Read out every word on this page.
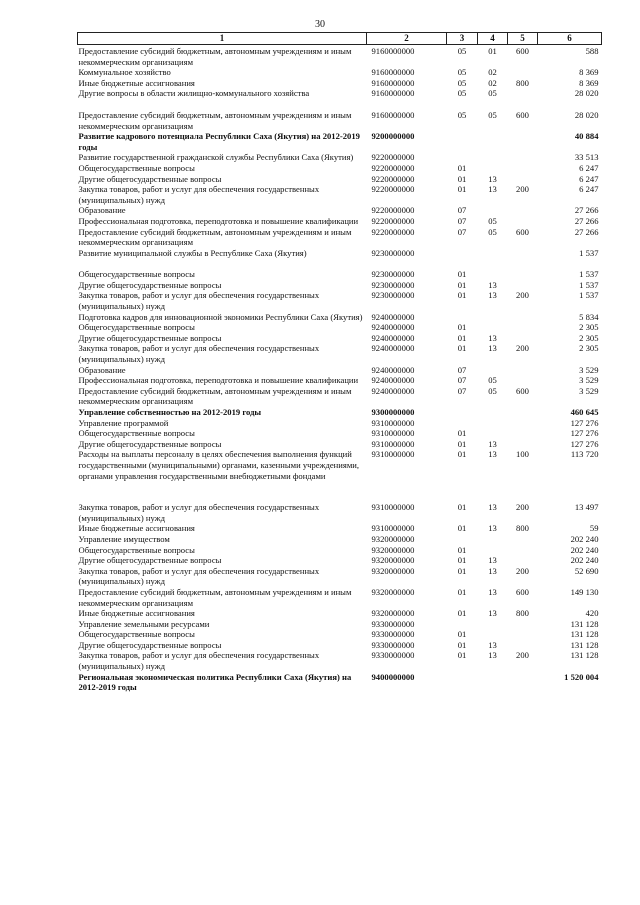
30
1	2	3	4	5	6
Предоставление субсидий бюджетным, автономным учреждениям и иным некоммерческим организациям	9160000000	05	01	600	588
Коммунальное хозяйство	9160000000	05	02		8 369
Иные бюджетные ассигнования	9160000000	05	02	800	8 369
Другие вопросы в области жилищно-коммунального хозяйства	9160000000	05	05		28 020

Предоставление субсидий бюджетным, автономным учреждениям и иным некоммерческим организациям	9160000000	05	05	600	28 020
Развитие кадрового потенциала Республики Саха (Якутия) на 2012-2019 годы	9200000000				40 884
Развитие государственной гражданской службы Республики Саха (Якутия)	9220000000				33 513
Общегосударственные вопросы	9220000000	01			6 247
Другие общегосударственные вопросы	9220000000	01	13		6 247
Закупка товаров, работ и услуг для обеспечения государственных (муниципальных) нужд	9220000000	01	13	200	6 247
Образование	9220000000	07			27 266
Профессиональная подготовка, переподготовка и повышение квалификации	9220000000	07	05		27 266
Предоставление субсидий бюджетным, автономным учреждениям и иным некоммерческим организациям	9220000000	07	05	600	27 266
Развитие муниципальной службы в Республике Саха (Якутия)	9230000000				1 537

Общегосударственные вопросы	9230000000	01			1 537
Другие общегосударственные вопросы	9230000000	01	13		1 537
Закупка товаров, работ и услуг для обеспечения государственных (муниципальных) нужд	9230000000	01	13	200	1 537
Подготовка кадров для инновационной экономики Республики Саха (Якутия)	9240000000				5 834
Общегосударственные вопросы	9240000000	01			2 305
Другие общегосударственные вопросы	9240000000	01	13		2 305
Закупка товаров, работ и услуг для обеспечения государственных (муниципальных) нужд	9240000000	01	13	200	2 305
Образование	9240000000	07			3 529
Профессиональная подготовка, переподготовка и повышение квалификации	9240000000	07	05		3 529
Предоставление субсидий бюджетным, автономным учреждениям и иным некоммерческим организациям	9240000000	07	05	600	3 529
Управление собственностью на 2012-2019 годы	9300000000				460 645
Управление программой	9310000000				127 276
Общегосударственные вопросы	9310000000	01			127 276
Другие общегосударственные вопросы	9310000000	01	13		127 276
Расходы на выплаты персоналу в целях обеспечения выполнения функций государственными (муниципальными) органами, казенными учреждениями, органами управления государственными внебюджетными фондами	9310000000	01	13	100	113 720

Закупка товаров, работ и услуг для обеспечения государственных (муниципальных) нужд	9310000000	01	13	200	13 497
Иные бюджетные ассигнования	9310000000	01	13	800	59
Управление имуществом	9320000000				202 240
Общегосударственные вопросы	9320000000	01			202 240
Другие общегосударственные вопросы	9320000000	01	13		202 240
Закупка товаров, работ и услуг для обеспечения государственных (муниципальных) нужд	9320000000	01	13	200	52 690
Предоставление субсидий бюджетным, автономным учреждениям и иным некоммерческим организациям	9320000000	01	13	600	149 130
Иные бюджетные ассигнования	9320000000	01	13	800	420
Управление земельными ресурсами	9330000000				131 128
Общегосударственные вопросы	9330000000	01			131 128
Другие общегосударственные вопросы	9330000000	01	13		131 128
Закупка товаров, работ и услуг для обеспечения государственных (муниципальных) нужд	9330000000	01	13	200	131 128
Региональная экономическая политика Республики Саха (Якутия) на 2012-2019 годы	9400000000				1 520 004
